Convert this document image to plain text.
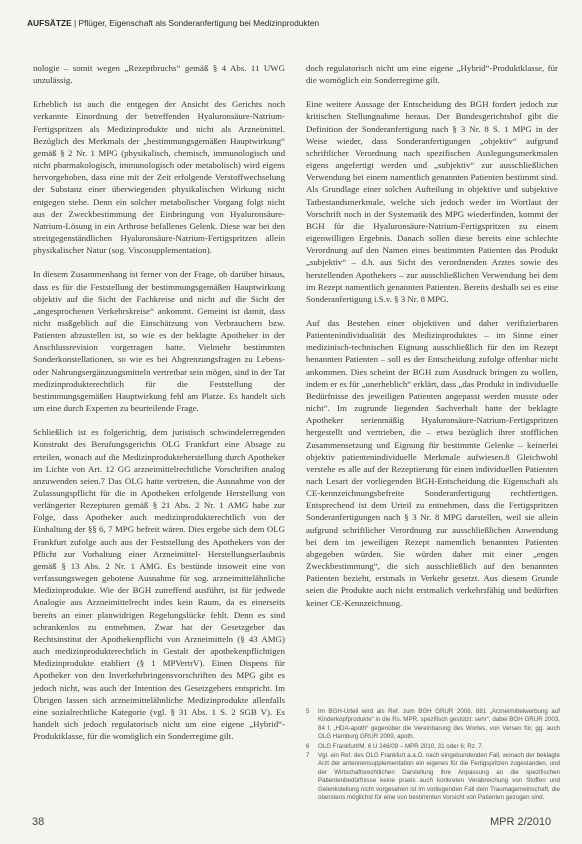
AUFSÄTZE | Pflüger, Eigenschaft als Sonderanfertigung bei Medizinprodukten

nologie – somit wegen „Rezeptbruchs“ gemäß § 4 Abs. 11 UWG unzulässig.

Erheblich ist auch die entgegen der Ansicht des Gerichts noch verkannte Einordnung der betreffenden Hyaluronsäure-Natrium-Fertigspritzen als Medizinprodukte und nicht als Arzneimittel. Bezüglich des Merkmals der „bestimmungsgemäßen Hauptwirkung“ gemäß § 2 Nr. 1 MPG (physikalisch, chemisch, immunologisch und nicht pharmakologisch, immunologisch oder metabolisch) wird eigens hervorgehoben, dass eine mit der Zeit erfolgende Verstoffwechselung der Substanz einer überwiegenden physikalischen Wirkung nicht entgegen stehe. Denn ein solcher metabolischer Vorgang folgt nicht aus der Zweckbestimmung der Einbringung von Hyaluronsäure-Natrium-Lösung in ein Arthrose befallenes Gelenk. Diese war bei den streitgegenständlichen Hyaluronsäure-Natrium-Fertigspritzen allein physikalischer Natur (sog. Viscosupplementation).

In diesem Zusammenhang ist ferner von der Frage, ob darüber hinaus, dass es für die Feststellung der bestimmungsgemäßen Hauptwirkung objektiv auf die Sicht der Fachkreise und nicht auf die Sicht der „angesprochenen Verkehrskreise“ ankommt. Gemeint ist damit, dass nicht maßgeblich auf die Einschätzung von Verbrauchern bzw. Patienten abzustellen ist, so wie es der beklagte Apotheker in der Anschlussrevision vorgetragen hatte. Vielmehr bestimmten Sonderkonstellationen, so wie es bei Abgrenzungsfragen zu Lebens- oder Nahrungsergänzungsmitteln vertretbar sein mögen, sind in der Tat medizinprodukterechtlich für die Feststellung der bestimmungsgemäßen Hauptwirkung fehl am Platze. Es handelt sich um eine durch Experten zu beurteilende Frage.

Schließlich ist es folgerichtig, dem juristisch schwindelerregenden Konstrukt des Berufungsgerichts OLG Frankfurt eine Absage zu erteilen, wonach auf die Medizinprodukteherstellung durch Apotheker im Lichte von Art. 12 GG arzneimittelrechtliche Vorschriften analog anzuwenden seien.7 Das OLG hatte vertreten, die Ausnahme von der Zulassungspflicht für die in Apotheken erfolgende Herstellung von verlängerter Rezepturen gemäß § 21 Abs. 2 Nr. 1 AMG habe zur Folge, dass Apotheker auch medizinprodukterechtlich von der Einhaltung der §§ 6, 7 MPG befreit wären. Dies ergebe sich dem OLG Frankfurt zufolge auch aus der Feststellung des Apothekers von der Pflicht zur Vorhaltung einer Arzneimittel- Herstellungserlaubnis gemäß § 13 Abs. 2 Nr. 1 AMG. Es bestünde insoweit eine von verfassungswegen gebotene Ausnahme für sog. arzneimittelähnliche Medizinprodukte. Wie der BGH zutreffend ausführt, ist für jedwede Analogie aus Arzneimittelrecht indes kein Raum, da es einerseits bereits an einer planwidrigen Regelungslücke fehlt. Denn es sind schrankenlos zu entnehmen. Zwar hat der Gesetzgeber das Rechtsinstitut der Apothekenpflicht von Arzneimitteln (§ 43 AMG) auch medizinprodukterechtlich in Gestalt der apothekenpflichtigen Medizinprodukte etabliert (§ 1 MPVertrV). Einen Dispens für Apotheker von den Inverkehrbringensvorschriften des MPG gibt es jedoch nicht, was auch der Intention des Gesetzgebers entspricht. Im Übrigen lassen sich arzneimittelähnliche Medizinprodukte allenfalls eine sozialrechtliche Kategorie (vgl. § 31 Abs. 1 S. 2 SGB V). Es handelt sich jedoch regulatorisch nicht um eine eigene „Hybrid“-Produktklasse, für die womöglich ein Sonderregime gilt.

doch regulatorisch nicht um eine eigene „Hybrid“-Produktklasse, für die womöglich ein Sonderregime gilt.

Eine weitere Aussage der Entscheidung des BGH fordert jedoch zur kritischen Stellungnahme heraus. Der Bundesgerichtshof gibt die Definition der Sonderanfertigung nach § 3 Nr. 8 S. 1 MPG in der Weise wieder, dass Sonderanfertigungen „objektiv“ aufgrund schriftlicher Verordnung nach spezifischen Auslegungsmerkmalen eigens angefertigt werden und „subjektiv“ zur ausschließlichen Verwendung bei einem namentlich genannten Patienten bestimmt sind. Als Grundlage einer solchen Aufteilung in objektive und subjektive Tatbestandsmerkmale, welche sich jedoch weder im Wortlaut der Vorschrift noch in der Systematik des MPG wiederfinden, kommt der BGH für die Hyaluronsäure-Natrium-Fertigspritzen zu einem eigenwilligen Ergebnis. Danach sollen diese bereits eine schlechte Verordnung auf den Namen eines bestimmten Patienten das Produkt „subjektiv“ – d.h. aus Sicht des verordnenden Arztes sowie des herstellenden Apothekers – zur ausschließlichen Verwendung bei dem im Rezept namentlich genannten Patienten. Bereits deshalb sei es eine Sonderanfertigung i.S.v. § 3 Nr. 8 MPG.

Auf das Bestehen einer objektiven und daher verifizierbaren Patientenindividualität des Medizinproduktes – im Sinne einer medizinisch-technischen Eignung ausschließlich für den im Rezept benannten Patienten – soll es der Entscheidung zufolge offenbar nicht ankommen. Dies scheint der BGH zum Ausdruck bringen zu wollen, indem er es für „unerheblich“ erklärt, dass „das Produkt in individuelle Bedürfnisse des jeweiligen Patienten angepasst werden musste oder nicht“. Im zugrunde liegenden Sachverhalt hatte der beklagte Apotheker serienmäßig Hyaluronsäure-Natrium-Fertigspritzen hergestellt und vertrieben, die – etwa bezüglich ihrer stofflichen Zusammensetzung und Eignung für bestimmte Gelenke – keinerlei objektiv patientenindividuelle Merkmale aufwiesen.8 Gleichwohl verstehe es alle auf der Rezeptierung für einen individuellen Patienten nach Lesart der vorliegenden BGH-Entscheidung die Eigenschaft als CE-kennzeichnungsbefreite Sonderanfertigung rechtfertigen. Entsprechend ist dem Urteil zu entnehmen, dass die Fertigspritzen Sonderanfertigungen nach § 3 Nr. 8 MPG darstellen, weil sie allein aufgrund schriftlicher Verordnung zur ausschließlichen Anwendung bei dem im jeweiligen Rezept namentlich benannten Patienten abgegeben würden. Sie würden daher mit einer „engen Zweckbestimmung“, die sich ausschließlich auf den benannten Patienten bezieht, erstmals in Verkehr gesetzt. Aus diesem Grunde seien die Produkte auch nicht erstmalich verkehrsfähig und bedürften keiner CE-Kennzeichnung.

5	Im BGH-Urteil wird als Ref. zum BGH GRUR 2008, 881 „Arzneimittelwerbung auf Kinderkopfprodukte“ in die Rs. MPR. spezifisch gestützt: sehr“, dabei BGH GRUR 2003, 84 f. „HDA-apoth“ gegenüber die Vereinbarung des Wortes, von Versen für, gg. auch OLG Hamburg GRUR 2009, apoth.
6	OLG Frankfurt/M. 6 U 246/09 – MPR 2010, 31 oder 6; Rz. 7.
7	Vgl. ein Ref. des OLG Frankfurt a.a.O. nach eingebundenden Fall, wonach der beklagte Arzt der antennensupplementation ein eigenes für die Fertigspritzen zugestanden, und der Wirtschaftsrechtlichen Darstellung ihre Anpassung an die spezifischen Patientenbedürfnisse keine praxis auch konkreten Verabreichung von Stoffen und Gelenkstellung nicht vorgesehen ist im vorliegenden Fall dem Traumagemeinschaft, die oberstens möglichst für eine von bestimmten Vorsicht von Patienten gezogen sind.
38	MPR 2/2010
